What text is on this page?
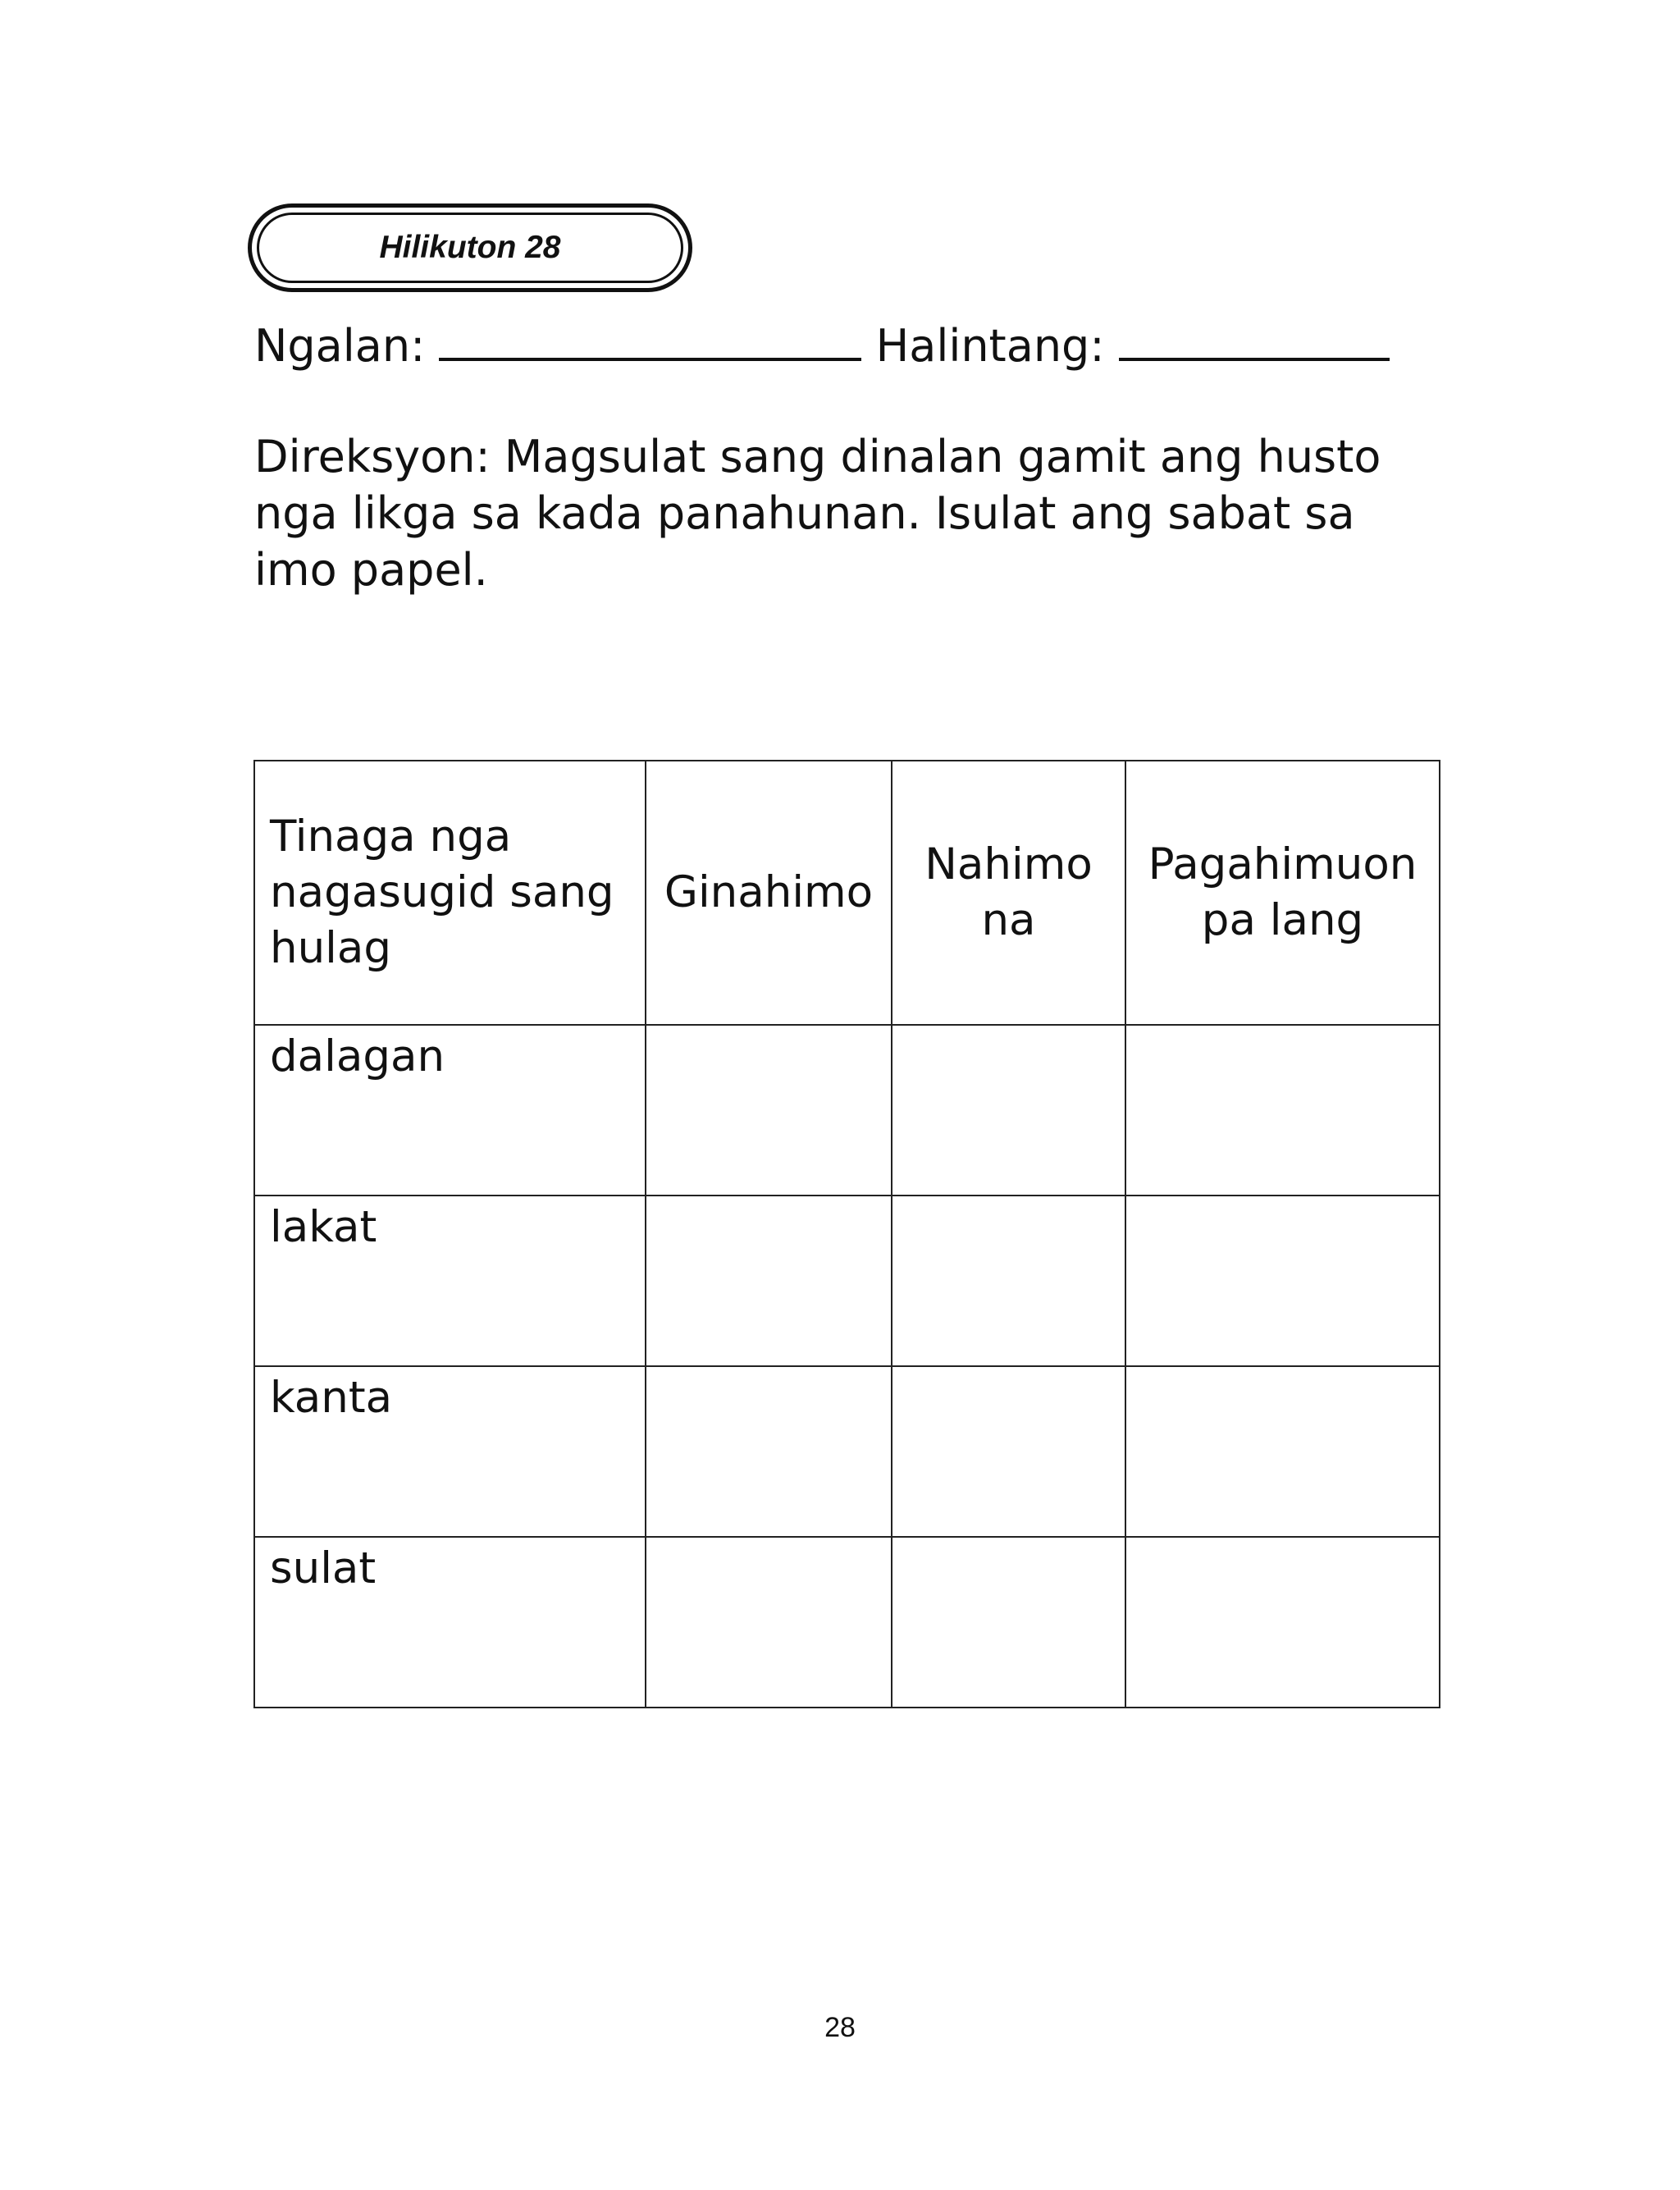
Hilikuton 28
Ngalan:	Halintang:
Direksyon: Magsulat sang dinalan gamit ang husto nga likga sa kada panahunan. Isulat ang sabat sa imo papel.
Tinaga nga nagasugid sang hulag	Ginahimo	Nahimo na	Pagahimuon pa lang
dalagan			
lakat			
kanta			
sulat			
28
